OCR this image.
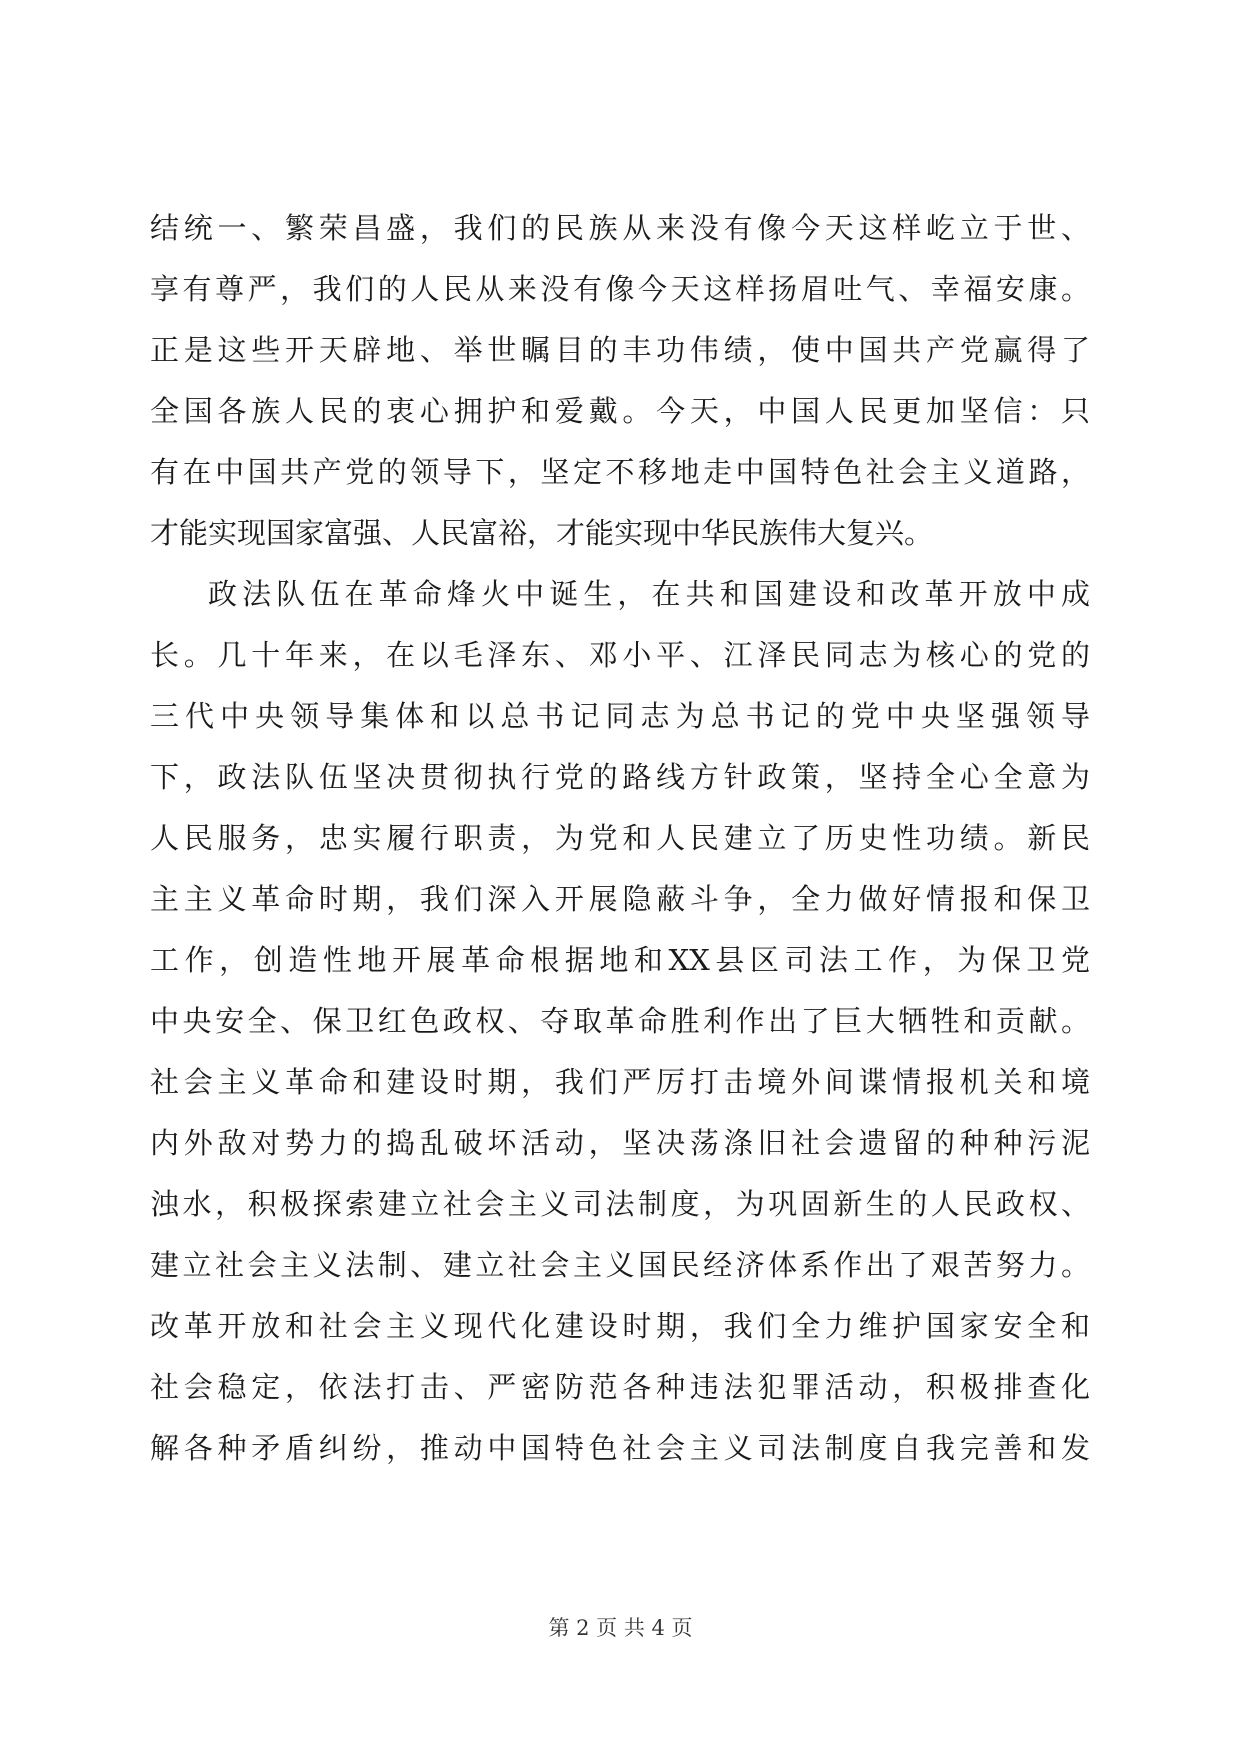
结统一、繁荣昌盛，我们的民族从来没有像今天这样屹立于世、
享有尊严，我们的人民从来没有像今天这样扬眉吐气、幸福安康。
正是这些开天辟地、举世瞩目的丰功伟绩，使中国共产党赢得了
全国各族人民的衷心拥护和爱戴。今天，中国人民更加坚信：只
有在中国共产党的领导下，坚定不移地走中国特色社会主义道路，
才能实现国家富强、人民富裕，才能实现中华民族伟大复兴。
政法队伍在革命烽火中诞生，在共和国建设和改革开放中成
长。几十年来，在以毛泽东、邓小平、江泽民同志为核心的党的
三代中央领导集体和以总书记同志为总书记的党中央坚强领导
下，政法队伍坚决贯彻执行党的路线方针政策，坚持全心全意为
人民服务，忠实履行职责，为党和人民建立了历史性功绩。新民
主主义革命时期，我们深入开展隐蔽斗争，全力做好情报和保卫
工作，创造性地开展革命根据地和XX县区司法工作，为保卫党
中央安全、保卫红色政权、夺取革命胜利作出了巨大牺牲和贡献。
社会主义革命和建设时期，我们严厉打击境外间谍情报机关和境
内外敌对势力的捣乱破坏活动，坚决荡涤旧社会遗留的种种污泥
浊水，积极探索建立社会主义司法制度，为巩固新生的人民政权、
建立社会主义法制、建立社会主义国民经济体系作出了艰苦努力。
改革开放和社会主义现代化建设时期，我们全力维护国家安全和
社会稳定，依法打击、严密防范各种违法犯罪活动，积极排查化
解各种矛盾纠纷，推动中国特色社会主义司法制度自我完善和发
第 2 页 共 4 页
